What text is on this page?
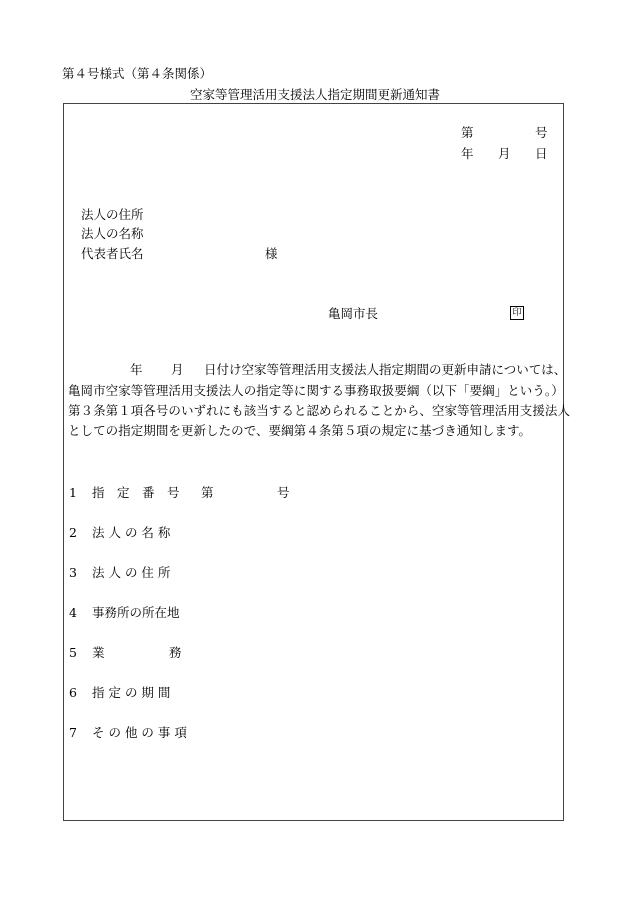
第４号様式（第４条関係）
空家等管理活用支援法人指定期間更新通知書
第	号
年 月 日
法人の住所
法人の名称
代表者氏名	様
亀岡市長	印
年 月 日付け空家等管理活用支援法人指定期間の更新申請については、
亀岡市空家等管理活用支援法人の指定等に関する事務取扱要綱（以下「要綱」という。）
第３条第１項各号のいずれにも該当すると認められることから、空家等管理活用支援法人
としての指定期間を更新したので、要綱第４条第５項の規定に基づき通知します。
1 指　定　番　号 第	号
2 法 人 の 名 称
3 法 人 の 住 所
4 事務所の所在地
5 業	務
6 指 定 の 期 間
7 そ の 他 の 事 項
